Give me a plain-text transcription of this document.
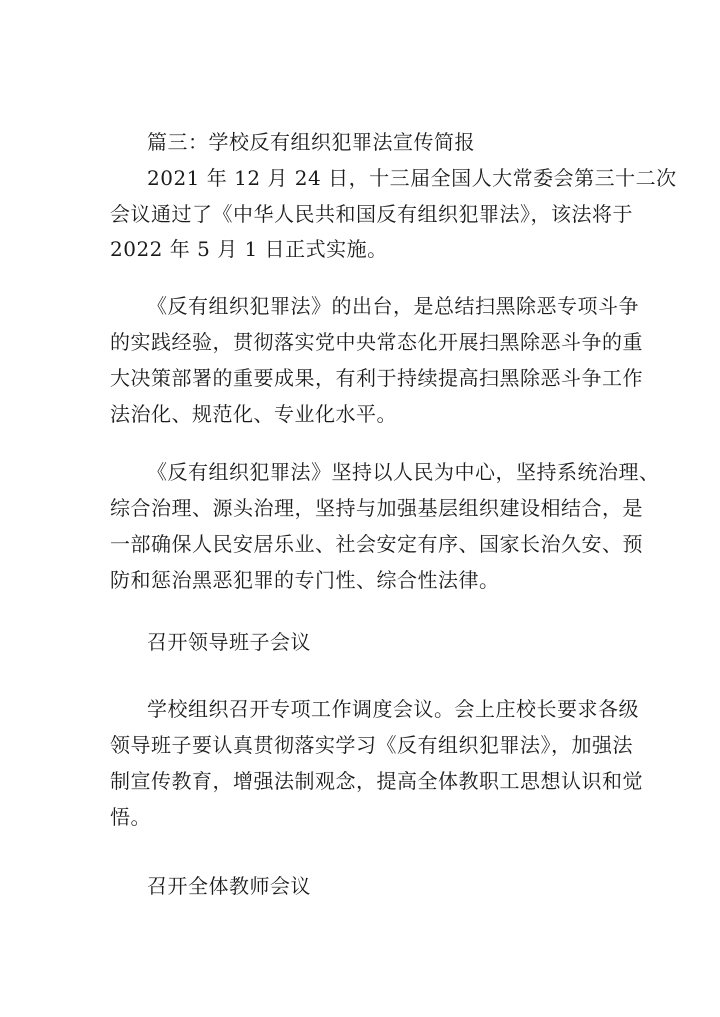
篇三：学校反有组织犯罪法宣传简报
2021 年 12 月 24 日，十三届全国人大常委会第三十二次
会议通过了《中华人民共和国反有组织犯罪法》，该法将于
2022 年 5 月 1 日正式实施。
《反有组织犯罪法》的出台，是总结扫黑除恶专项斗争
的实践经验，贯彻落实党中央常态化开展扫黑除恶斗争的重
大决策部署的重要成果，有利于持续提高扫黑除恶斗争工作
法治化、规范化、专业化水平。
《反有组织犯罪法》坚持以人民为中心，坚持系统治理、
综合治理、源头治理，坚持与加强基层组织建设相结合，是
一部确保人民安居乐业、社会安定有序、国家长治久安、预
防和惩治黑恶犯罪的专门性、综合性法律。
召开领导班子会议
学校组织召开专项工作调度会议。会上庄校长要求各级
领导班子要认真贯彻落实学习《反有组织犯罪法》，加强法
制宣传教育，增强法制观念，提高全体教职工思想认识和觉
悟。
召开全体教师会议
